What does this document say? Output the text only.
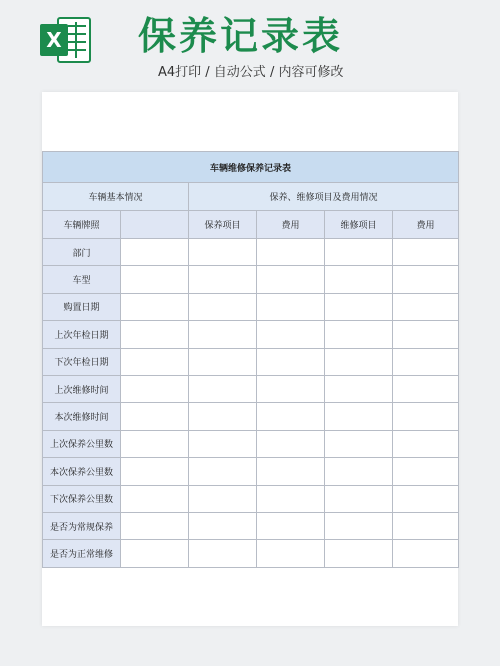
X 保养记录表
A4打印 / 自动公式 / 内容可修改
车辆维修保养记录表					
车辆基本情况		保养、维修项目及费用情况			
车辆牌照		保养项目	费用	维修项目	费用
部门					
车型					
购置日期					
上次年检日期					
下次年检日期					
上次维修时间					
本次维修时间					
上次保养公里数					
本次保养公里数					
下次保养公里数					
是否为常规保养					
是否为正常维修					
